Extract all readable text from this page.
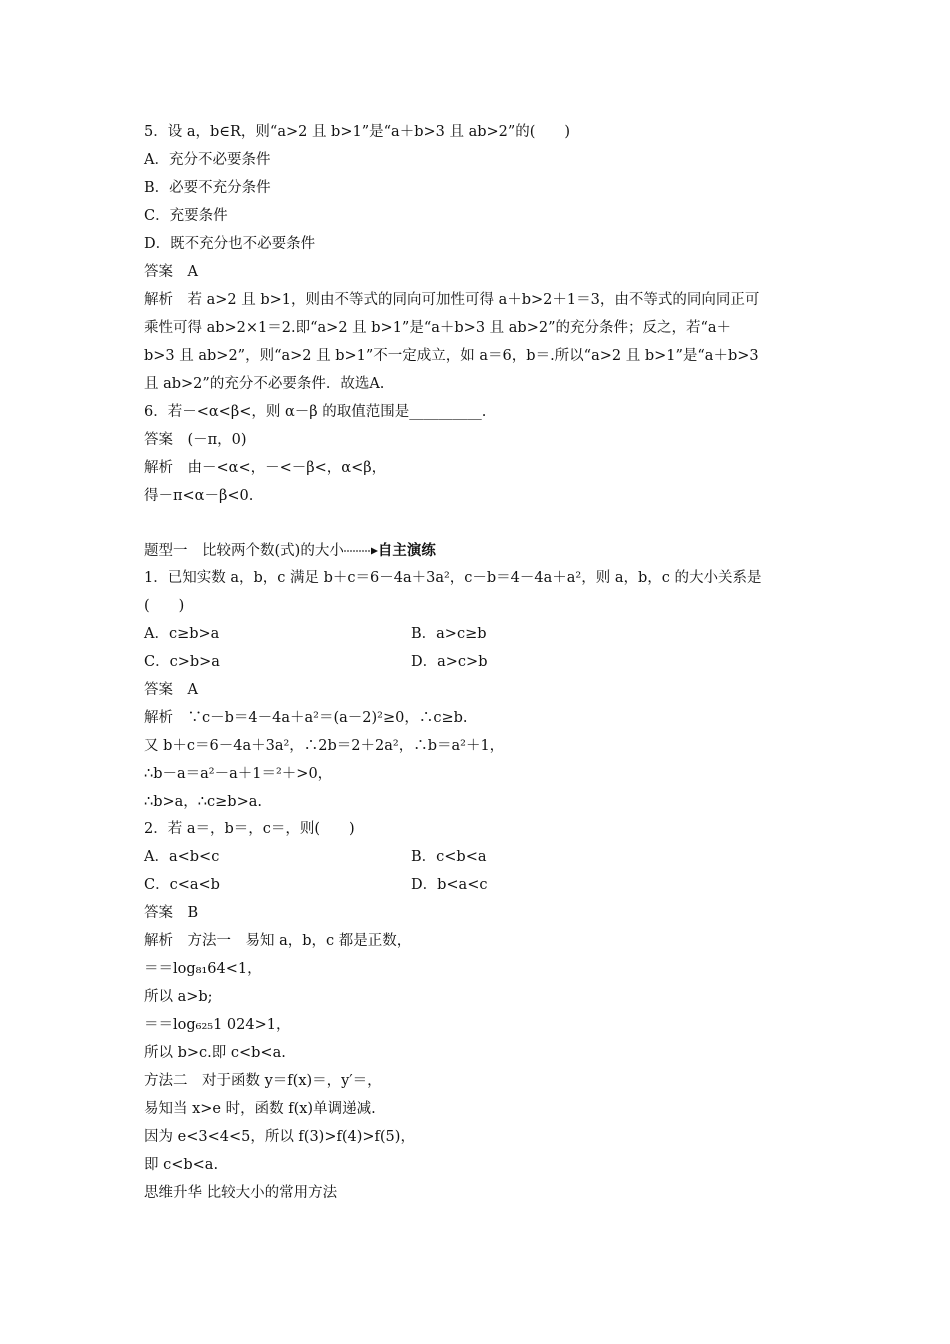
5．设 a，b∈R，则“a>2 且 b>1”是“a＋b>3 且 ab>2”的(　　)
A．充分不必要条件
B．必要不充分条件
C．充要条件
D．既不充分也不必要条件
答案　A
解析　若 a>2 且 b>1，则由不等式的同向可加性可得 a＋b>2＋1＝3，由不等式的同向同正可
乘性可得 ab>2×1＝2.即“a>2 且 b>1”是“a＋b>3 且 ab>2”的充分条件；反之，若“a＋
b>3 且 ab>2”，则“a>2 且 b>1”不一定成立，如 a＝6，b＝.所以“a>2 且 b>1”是“a＋b>3
且 ab>2”的充分不必要条件．故选A.
6．若－<α<β<，则 α－β 的取值范围是__________.
答案　(－π，0)
解析　由－<α<，－<－β<，α<β，
得－π<α－β<0.
题型一　比较两个数(式)的大小 自主演练
1．已知实数 a，b，c 满足 b＋c＝6－4a＋3a²，c－b＝4－4a＋a²，则 a，b，c 的大小关系是
(　　)
A．c≥b>a	B．a>c≥b
C．c>b>a	D．a>c>b
答案　A
解析　∵c－b＝4－4a＋a²＝(a－2)²≥0，∴c≥b.
又 b＋c＝6－4a＋3a²，∴2b＝2＋2a²，∴b＝a²＋1，
∴b－a＝a²－a＋1＝²＋>0，
∴b>a，∴c≥b>a.
2．若 a＝，b＝，c＝，则(　　)
A．a<b<c	B．c<b<a
C．c<a<b	D．b<a<c
答案　B
解析　方法一　易知 a，b，c 都是正数，
＝＝log₈₁64<1，
所以 a>b;
＝＝log₆₂₅1 024>1，
所以 b>c.即 c<b<a.
方法二　对于函数 y＝f(x)＝，y′＝，
易知当 x>e 时，函数 f(x)单调递减.
因为 e<3<4<5，所以 f(3)>f(4)>f(5)，
即 c<b<a.
思维升华 比较大小的常用方法
